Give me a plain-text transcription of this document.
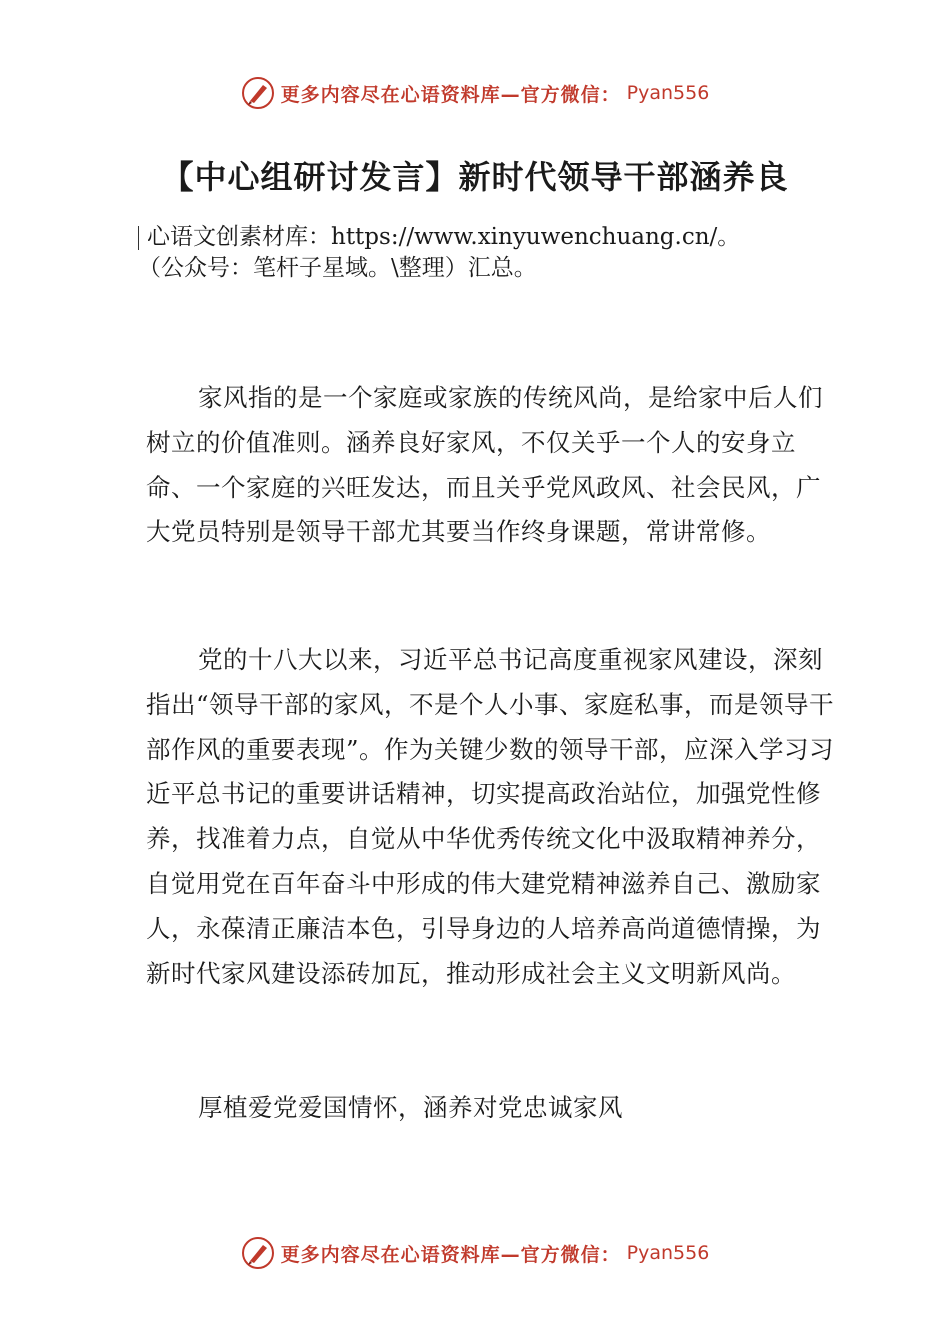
更多内容尽在心语资料库—官方微信： Pyan556
【中心组研讨发言】新时代领导干部涵养良
心语文创素材库：https://www.xinyuwenchuang.cn/。
（公众号：笔杆子星域。\整理）汇总。
家风指的是一个家庭或家族的传统风尚，是给家中后人们树立的价值准则。涵养良好家风，不仅关乎一个人的安身立命、一个家庭的兴旺发达，而且关乎党风政风、社会民风，广大党员特别是领导干部尤其要当作终身课题，常讲常修。
党的十八大以来，习近平总书记高度重视家风建设，深刻指出“领导干部的家风，不是个人小事、家庭私事，而是领导干部作风的重要表现”。作为关键少数的领导干部，应深入学习习近平总书记的重要讲话精神，切实提高政治站位，加强党性修养，找准着力点，自觉从中华优秀传统文化中汲取精神养分，自觉用党在百年奋斗中形成的伟大建党精神滋养自己、激励家人，永葆清正廉洁本色，引导身边的人培养高尚道德情操，为新时代家风建设添砖加瓦，推动形成社会主义文明新风尚。
厚植爱党爱国情怀，涵养对党忠诚家风
更多内容尽在心语资料库—官方微信： Pyan556
